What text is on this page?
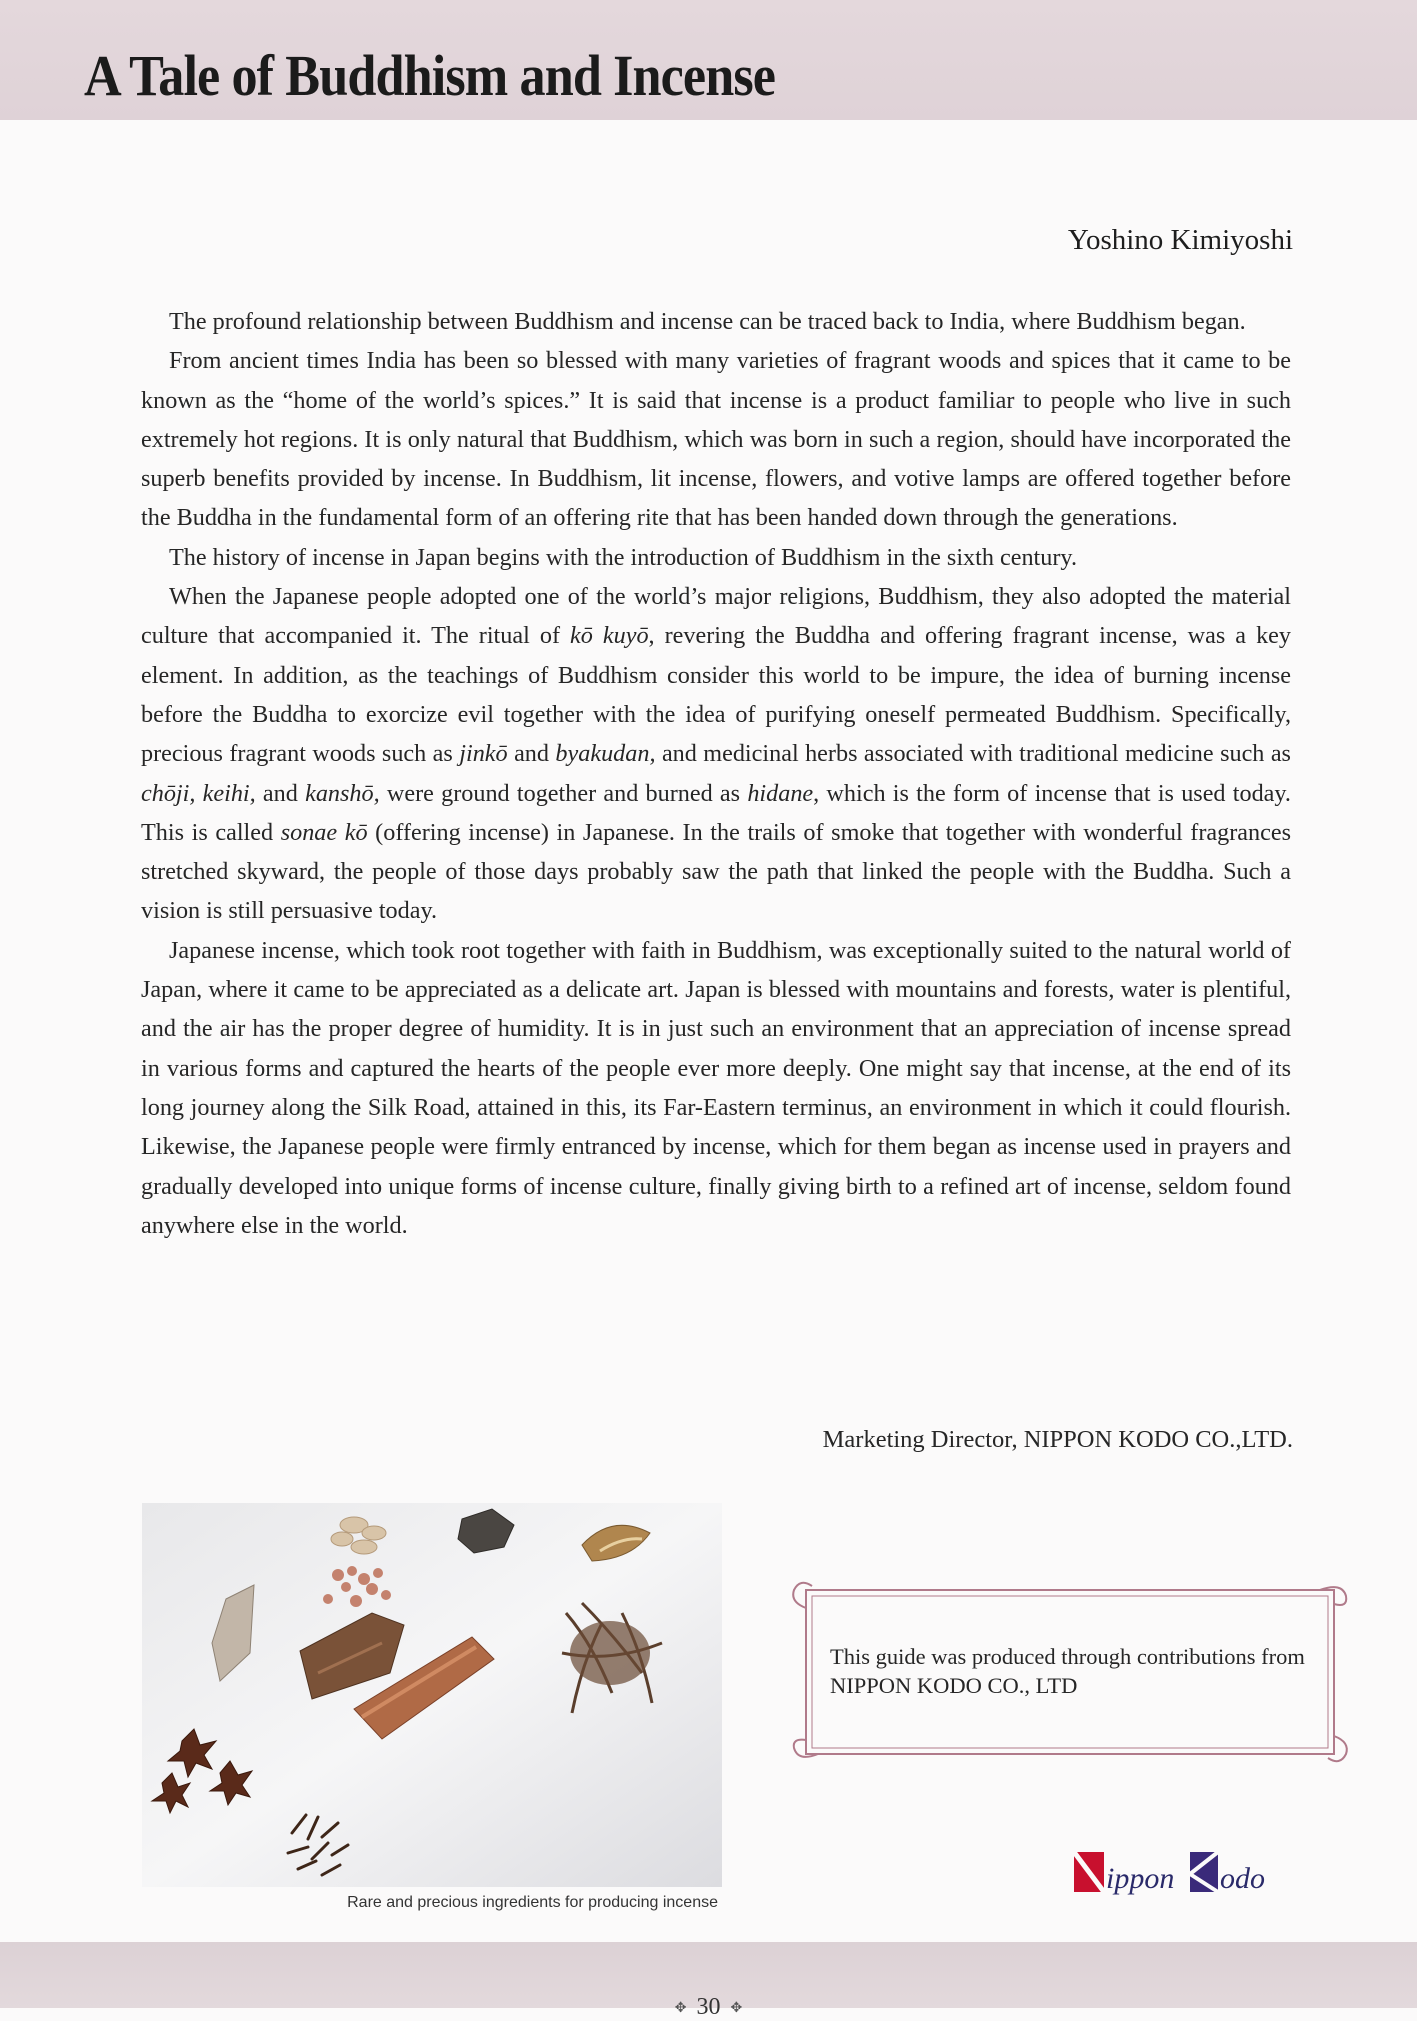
A Tale of Buddhism and Incense
Yoshino Kimiyoshi

The profound relationship between Buddhism and incense can be traced back to India, where Buddhism began.

From ancient times India has been so blessed with many varieties of fragrant woods and spices that it came to be known as the “home of the world’s spices.” It is said that incense is a product familiar to people who live in such extremely hot regions. It is only natural that Buddhism, which was born in such a region, should have incorporated the superb benefits provided by incense. In Buddhism, lit incense, flowers, and votive lamps are offered together before the Buddha in the fundamental form of an offering rite that has been handed down through the generations.

The history of incense in Japan begins with the introduction of Buddhism in the sixth century.

When the Japanese people adopted one of the world’s major religions, Buddhism, they also adopted the material culture that accompanied it. The ritual of kō kuyō, revering the Buddha and offering fragrant incense, was a key element. In addition, as the teachings of Buddhism consider this world to be impure, the idea of burning incense before the Buddha to exorcize evil together with the idea of purifying oneself permeated Buddhism. Specifically, precious fragrant woods such as jinkō and byakudan, and medicinal herbs associated with traditional medicine such as chōji, keihi, and kanshō, were ground together and burned as hidane, which is the form of incense that is used today. This is called sonae kō (offering incense) in Japanese. In the trails of smoke that together with wonderful fragrances stretched skyward, the people of those days probably saw the path that linked the people with the Buddha. Such a vision is still persuasive today.

Japanese incense, which took root together with faith in Buddhism, was exceptionally suited to the natural world of Japan, where it came to be appreciated as a delicate art. Japan is blessed with mountains and forests, water is plentiful, and the air has the proper degree of humidity. It is in just such an environment that an appreciation of incense spread in various forms and captured the hearts of the people ever more deeply. One might say that incense, at the end of its long journey along the Silk Road, attained in this, its Far-Eastern terminus, an environment in which it could flourish. Likewise, the Japanese people were firmly entranced by incense, which for them began as incense used in prayers and gradually developed into unique forms of incense culture, finally giving birth to a refined art of incense, seldom found anywhere else in the world.

Marketing Director, NIPPON KODO CO.,LTD.
Rare and precious ingredients for producing incense
This guide was produced through contributions from NIPPON KODO CO., LTD
ippon odo
✥ 30 ✥
